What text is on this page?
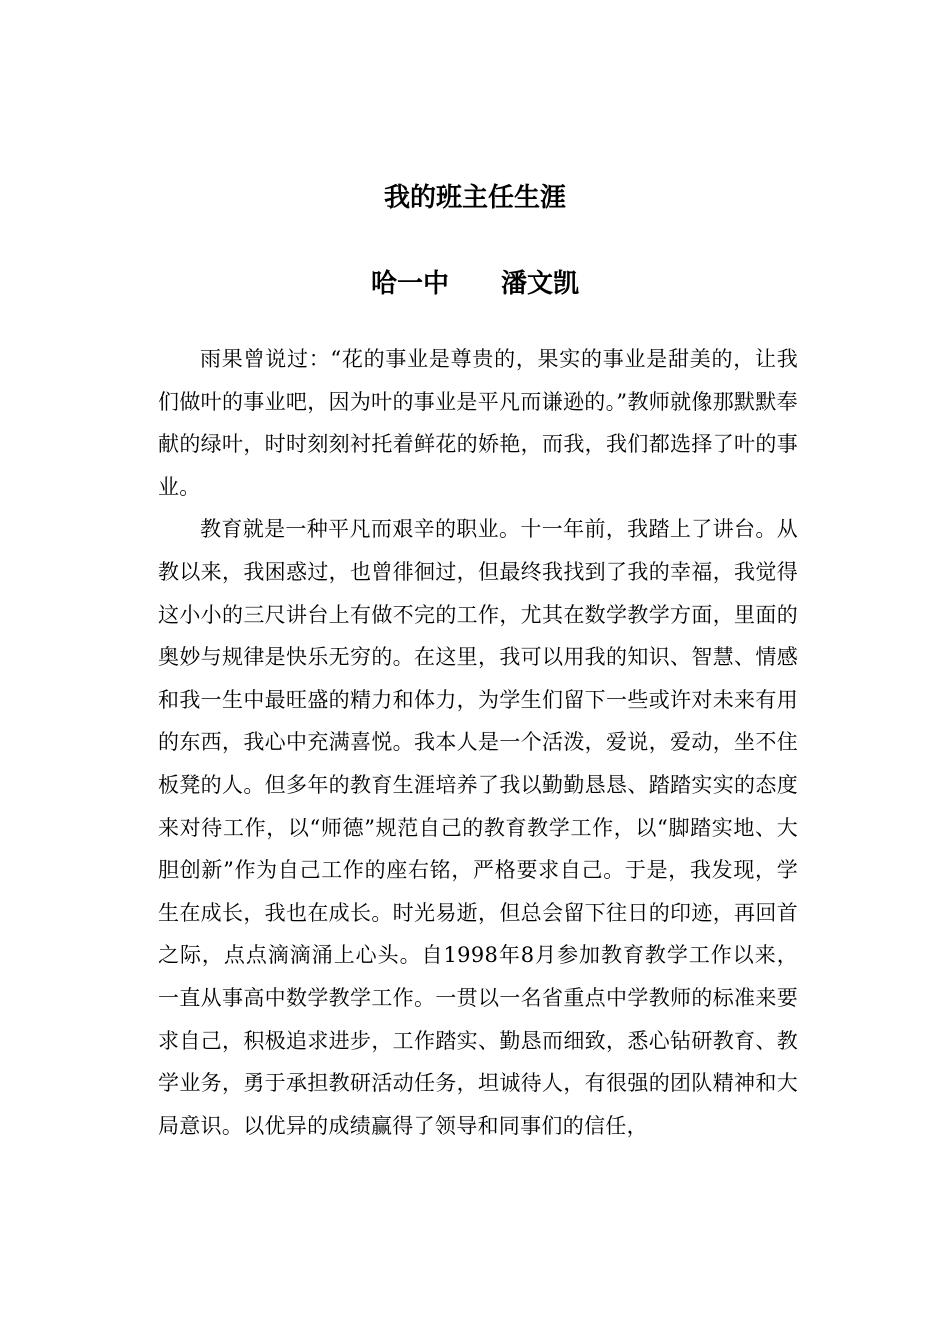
我的班主任生涯
哈一中 潘文凯

雨果曾说过：“花的事业是尊贵的，果实的事业是甜美的，让我们做叶的事业吧，因为叶的事业是平凡而谦逊的。”教师就像那默默奉献的绿叶，时时刻刻衬托着鲜花的娇艳，而我，我们都选择了叶的事业。

教育就是一种平凡而艰辛的职业。十一年前，我踏上了讲台。从教以来，我困惑过，也曾徘徊过，但最终我找到了我的幸福，我觉得这小小的三尺讲台上有做不完的工作，尤其在数学教学方面，里面的奥妙与规律是快乐无穷的。在这里，我可以用我的知识、智慧、情感和我一生中最旺盛的精力和体力，为学生们留下一些或许对未来有用的东西，我心中充满喜悦。我本人是一个活泼，爱说，爱动，坐不住板凳的人。但多年的教育生涯培养了我以勤勤恳恳、踏踏实实的态度来对待工作，以“师德”规范自己的教育教学工作，以“脚踏实地、大胆创新”作为自己工作的座右铭，严格要求自己。于是，我发现，学生在成长，我也在成长。时光易逝，但总会留下往日的印迹，再回首之际，点点滴滴涌上心头。自1998年8月参加教育教学工作以来，一直从事高中数学教学工作。一贯以一名省重点中学教师的标准来要求自己，积极追求进步，工作踏实、勤恳而细致，悉心钻研教育、教学业务，勇于承担教研活动任务，坦诚待人，有很强的团队精神和大局意识。以优异的成绩赢得了领导和同事们的信任，
